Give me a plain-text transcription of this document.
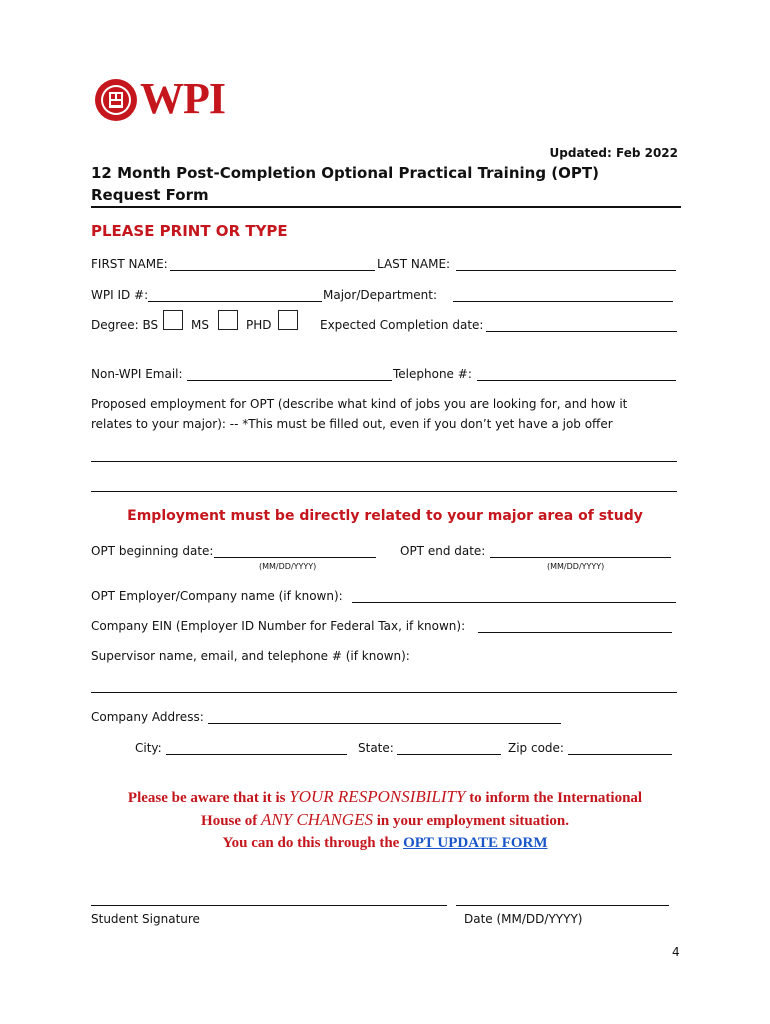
WPI
Updated: Feb 2022
12 Month Post-Completion Optional Practical Training (OPT)
Request Form
PLEASE PRINT OR TYPE
FIRST NAME:	LAST NAME:
WPI ID #:	Major/Department:
Degree: BS	MS	PHD	Expected Completion date:
Non-WPI Email:	Telephone #:
Proposed employment for OPT (describe what kind of jobs you are looking for, and how it
relates to your major): -- *This must be filled out, even if you don’t yet have a job offer
Employment must be directly related to your major area of study
OPT beginning date:
(MM/DD/YYYY)
OPT end date:
(MM/DD/YYYY)
OPT Employer/Company name (if known):
Company EIN (Employer ID Number for Federal Tax, if known):
Supervisor name, email, and telephone # (if known):
Company Address:
City:	State:	Zip code:
Please be aware that it is YOUR RESPONSIBILITY to inform the International
House of ANY CHANGES in your employment situation.
You can do this through the OPT UPDATE FORM
Student Signature	Date (MM/DD/YYYY)
4
